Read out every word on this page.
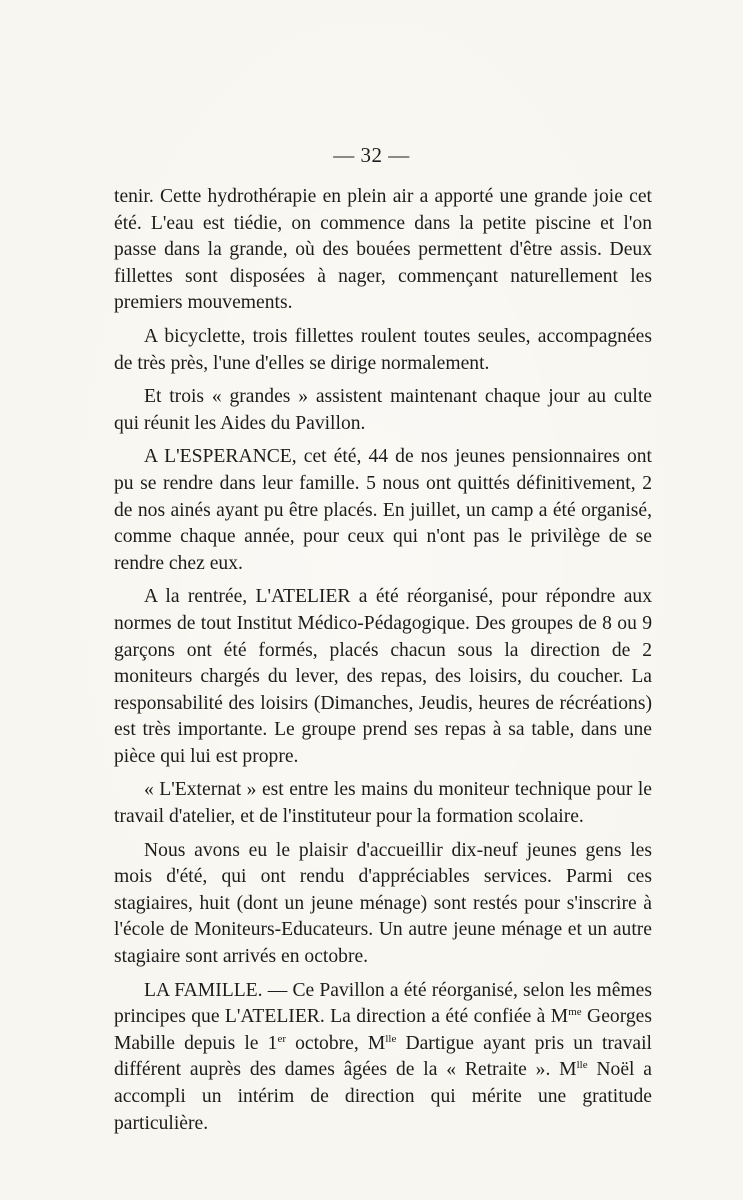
— 32 —

tenir. Cette hydrothérapie en plein air a apporté une grande joie cet été. L'eau est tiédie, on commence dans la petite piscine et l'on passe dans la grande, où des bouées permettent d'être assis. Deux fillettes sont disposées à nager, commençant naturellement les premiers mouvements.

A bicyclette, trois fillettes roulent toutes seules, accompagnées de très près, l'une d'elles se dirige normalement.

Et trois « grandes » assistent maintenant chaque jour au culte qui réunit les Aides du Pavillon.

A L'ESPERANCE, cet été, 44 de nos jeunes pensionnaires ont pu se rendre dans leur famille. 5 nous ont quittés définitivement, 2 de nos ainés ayant pu être placés. En juillet, un camp a été organisé, comme chaque année, pour ceux qui n'ont pas le privilège de se rendre chez eux.

A la rentrée, L'ATELIER a été réorganisé, pour répondre aux normes de tout Institut Médico-Pédagogique. Des groupes de 8 ou 9 garçons ont été formés, placés chacun sous la direction de 2 moniteurs chargés du lever, des repas, des loisirs, du coucher. La responsabilité des loisirs (Dimanches, Jeudis, heures de récréations) est très importante. Le groupe prend ses repas à sa table, dans une pièce qui lui est propre.

« L'Externat » est entre les mains du moniteur technique pour le travail d'atelier, et de l'instituteur pour la formation scolaire.

Nous avons eu le plaisir d'accueillir dix-neuf jeunes gens les mois d'été, qui ont rendu d'appréciables services. Parmi ces stagiaires, huit (dont un jeune ménage) sont restés pour s'inscrire à l'école de Moniteurs-Educateurs. Un autre jeune ménage et un autre stagiaire sont arrivés en octobre.

LA FAMILLE. — Ce Pavillon a été réorganisé, selon les mêmes principes que L'ATELIER. La direction a été confiée à $M^{me}$ Georges Mabille depuis le 1er octobre, $M^{lle}$ Dartigue ayant pris un travail différent auprès des dames âgées de la « Retraite ». $M^{lle}$ Noël a accompli un intérim de direction qui mérite une gratitude particulière.
